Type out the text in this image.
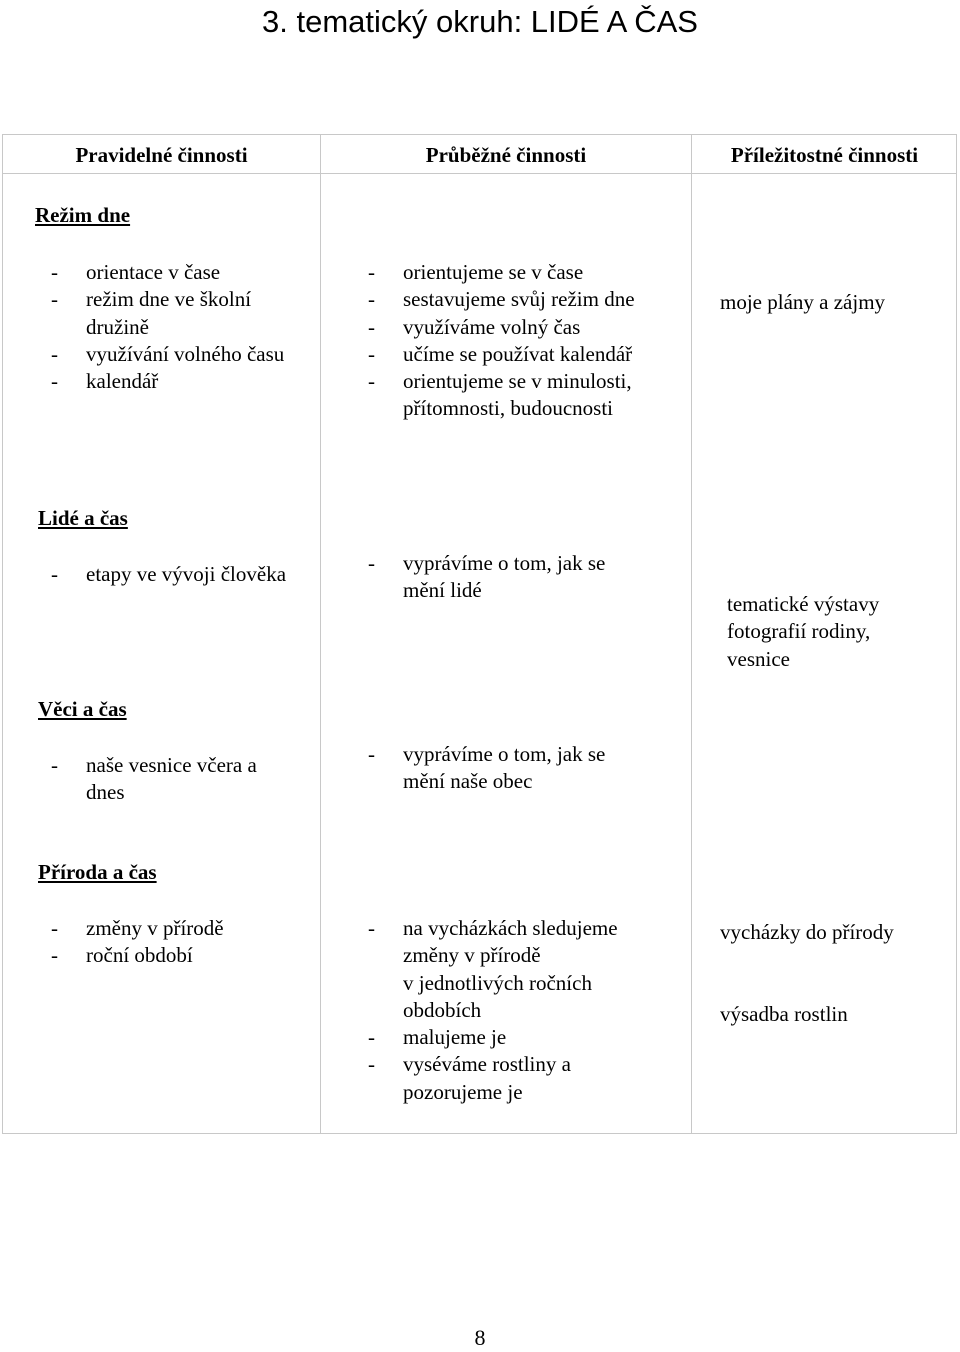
3. tematický okruh: LIDÉ A ČAS
Pravidelné činnosti	Průběžné činnosti	Příležitostné činnosti
Režim dne
- orientace v čase
- režim dne ve školní
družině
- využívání volného času
- kalendář
- orientujeme se v čase
- sestavujeme svůj režim dne
- využíváme volný čas
- učíme se používat kalendář
- orientujeme se v minulosti,
přítomnosti, budoucnosti
moje plány a zájmy
Lidé a čas
- etapy ve vývoji člověka
-	vyprávíme o tom, jak se
mění lidé
tematické výstavy
fotografií rodiny,
vesnice
Věci a čas
- naše vesnice včera a
dnes
- vyprávíme o tom, jak se
mění naše obec
Příroda a čas
- změny v přírodě
- roční období
- na vycházkách sledujeme
změny v přírodě
v jednotlivých ročních
obdobích
- malujeme je
- vyséváme rostliny a
pozorujeme je
vycházky do přírody
výsadba rostlin
8
